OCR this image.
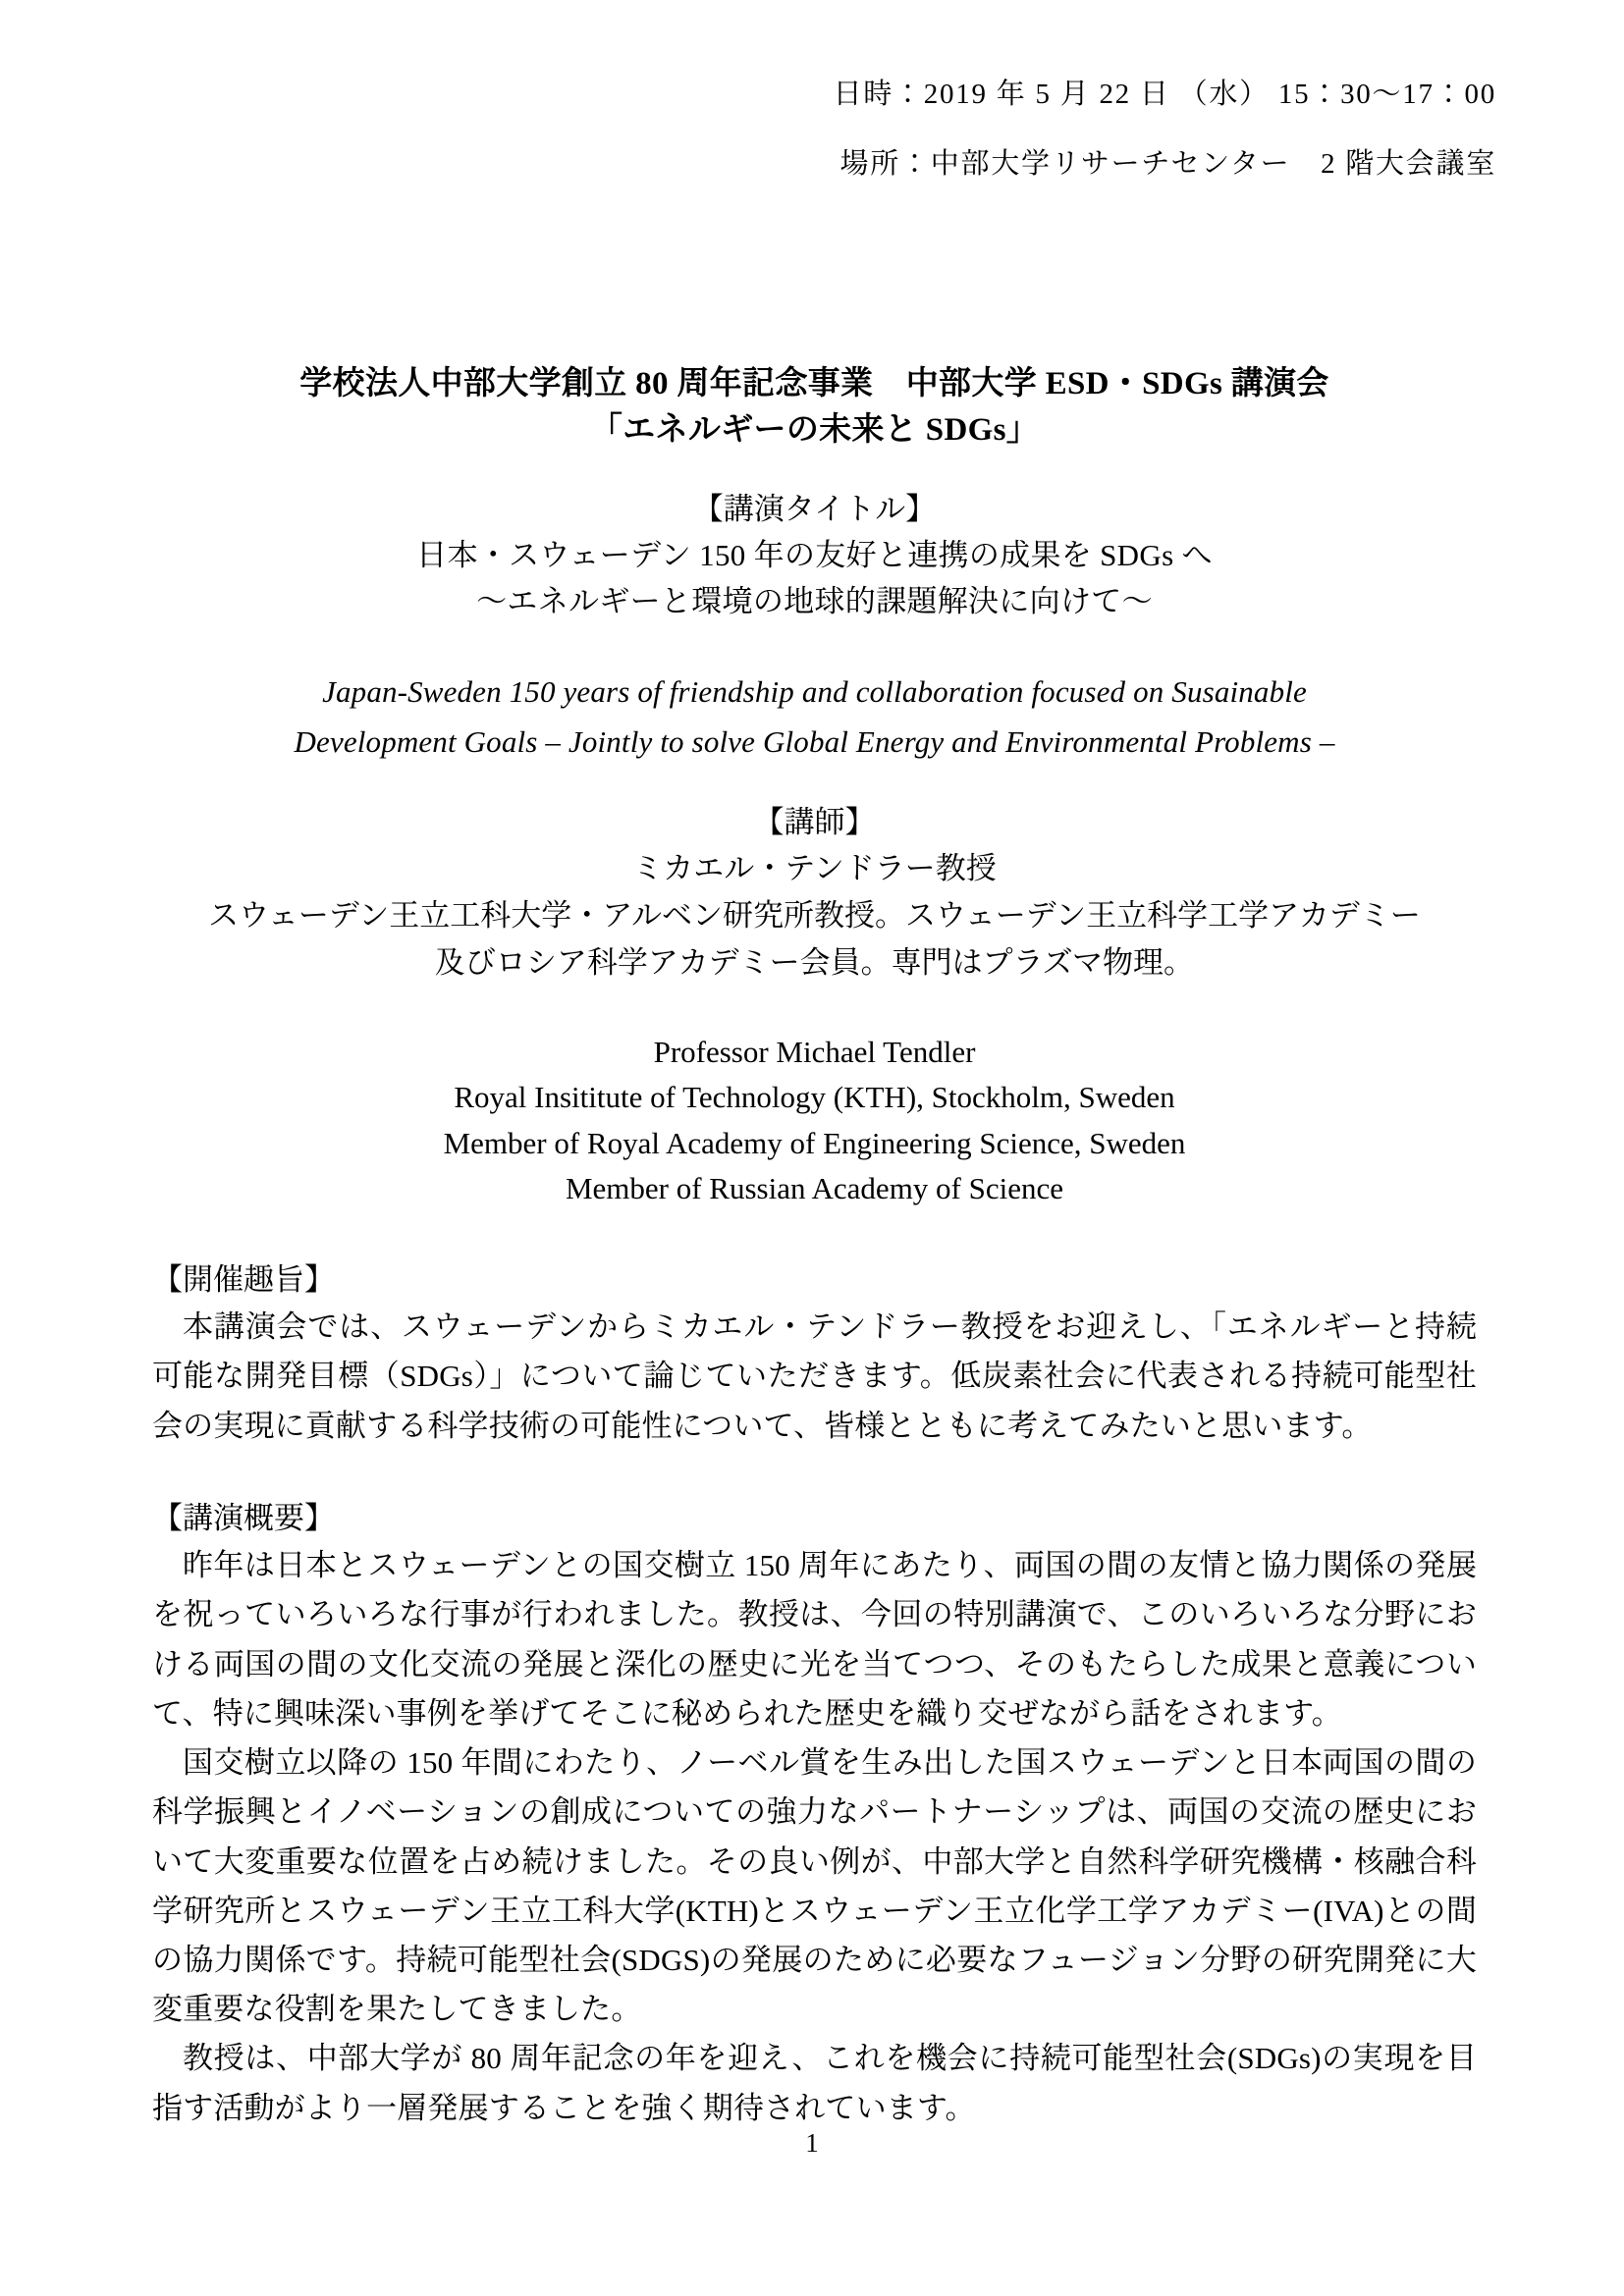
日時：2019 年 5 月 22 日 （水） 15：30～17：00
場所：中部大学リサーチセンター　2 階大会議室
学校法人中部大学創立 80 周年記念事業　中部大学 ESD・SDGs 講演会
「エネルギーの未来と SDGs」
【講演タイトル】
日本・スウェーデン 150 年の友好と連携の成果を SDGs へ
～エネルギーと環境の地球的課題解決に向けて～
Japan-Sweden 150 years of friendship and collaboration focused on Susainable
Development Goals – Jointly to solve Global Energy and Environmental Problems –
【講師】
ミカエル・テンドラー教授
スウェーデン王立工科大学・アルベン研究所教授。スウェーデン王立科学工学アカデミー
及びロシア科学アカデミー会員。専門はプラズマ物理。
Professor Michael Tendler
Royal Insititute of Technology (KTH), Stockholm, Sweden
Member of Royal Academy of Engineering Science, Sweden
Member of Russian Academy of Science
【開催趣旨】

本講演会では、スウェーデンからミカエル・テンドラー教授をお迎えし、「エネルギーと持続可能な開発目標（SDGs）」について論じていただきます。低炭素社会に代表される持続可能型社会の実現に貢献する科学技術の可能性について、皆様とともに考えてみたいと思います。

【講演概要】

昨年は日本とスウェーデンとの国交樹立 150 周年にあたり、両国の間の友情と協力関係の発展を祝っていろいろな行事が行われました。教授は、今回の特別講演で、このいろいろな分野における両国の間の文化交流の発展と深化の歴史に光を当てつつ、そのもたらした成果と意義について、特に興味深い事例を挙げてそこに秘められた歴史を織り交ぜながら話をされます。

国交樹立以降の 150 年間にわたり、ノーベル賞を生み出した国スウェーデンと日本両国の間の科学振興とイノベーションの創成についての強力なパートナーシップは、両国の交流の歴史において大変重要な位置を占め続けました。その良い例が、中部大学と自然科学研究機構・核融合科学研究所とスウェーデン王立工科大学(KTH)とスウェーデン王立化学工学アカデミー(IVA)との間の協力関係です。持続可能型社会(SDGS)の発展のために必要なフュージョン分野の研究開発に大変重要な役割を果たしてきました。

教授は、中部大学が 80 周年記念の年を迎え、これを機会に持続可能型社会(SDGs)の実現を目指す活動がより一層発展することを強く期待されています。

1
